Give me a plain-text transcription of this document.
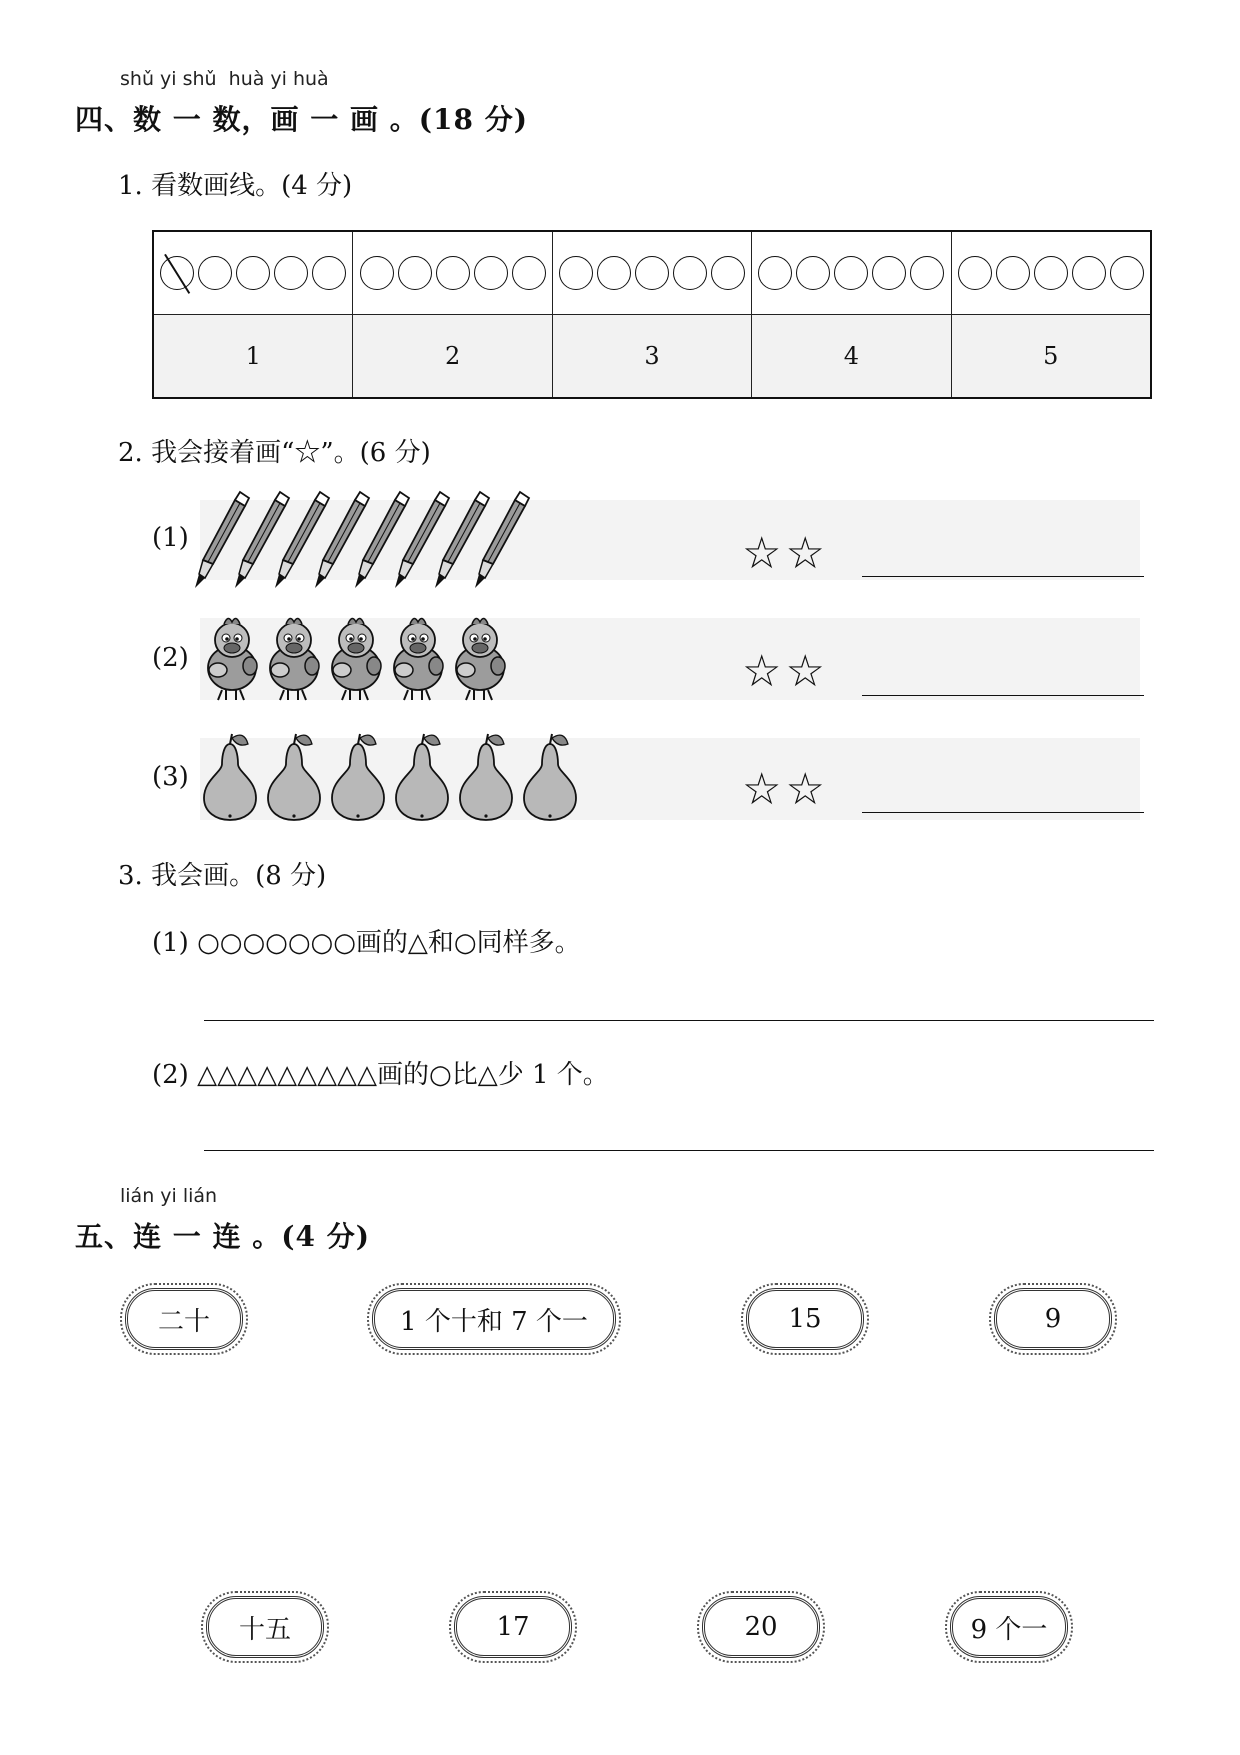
shǔ yi shǔ  huà yi huà
四、数 一 数，画 一 画 。(18 分)
1. 看数画线。(4 分)

1	2	3	4	5
2. 我会接着画“☆”。(6 分)
(1)	☆☆
(2)	☆☆
(3)	☆☆
3. 我会画。(8 分)
(1) ○○○○○○○画的△和○同样多。
(2) △△△△△△△△△画的○比△少 1 个。
lián yi lián
五、连 一 连 。(4 分)
二十	1 个十和 7 个一	15	9
十五	17	20	9 个一
